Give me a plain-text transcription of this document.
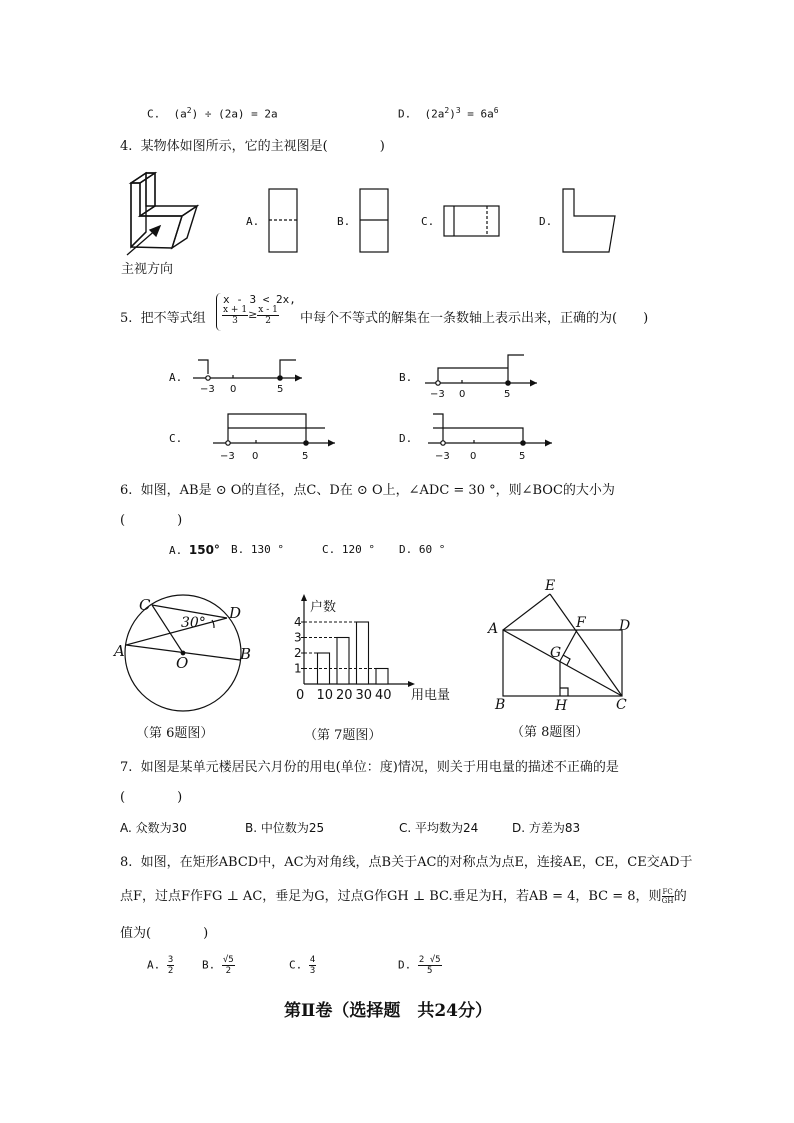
C. $(a^2) \div (2a) = 2a$	D. $(2a^2)^3 = 6a^6$
4. 某物体如图所示，它的主视图是(　　　　)
主视方向
A.	B.	C.	D.
5. 把不等式组
x - 3 < 2x,
$\frac{x + 1}{3} \ge \frac{x - 1}{2}$ 中每个不等式的解集在一条数轴上表示出来，正确的为(　　)
−3 0	5	−3 0	5
−3 0	5	−3 0	5
A.	B.
C.	D.
6. 如图，AB是 ⊙ O的直径，点C、D在 ⊙ O上，∠ADC = 30 °，则∠BOC的大小为
(　　　　)
A. 150° B. 130 °	C. 120 ° D. 60 °
C	D
A	B
O
30°
1
2
3
4
10 20 30 40
户数
用电量
0
E
A	F D
G
B	H	C
（第 6题图）	（第 7题图）	（第 8题图）
7. 如图是某单元楼居民六月份的用电(单位：度)情况，则关于用电量的描述不正确的是
(　　　　)
A. 众数为30	B. 中位数为25	C. 平均数为24	D. 方差为83
8. 如图，在矩形ABCD中，AC为对角线，点B关于AC的对称点为点E，连接AE，CE，CE交AD于
点F，过点F作FG ⊥ AC，垂足为G，过点G作GH ⊥ BC.垂足为H，若AB = 4，BC = 8，则 $\frac{FC}{GH}$ 的
值为(　　　　)
A. $\frac{3}{2}$	B. $\frac{√5}{2}$	C. $\frac{4}{3}$	D. $\frac{2 √5}{5}$
第Ⅱ卷（选择题　共24分）
